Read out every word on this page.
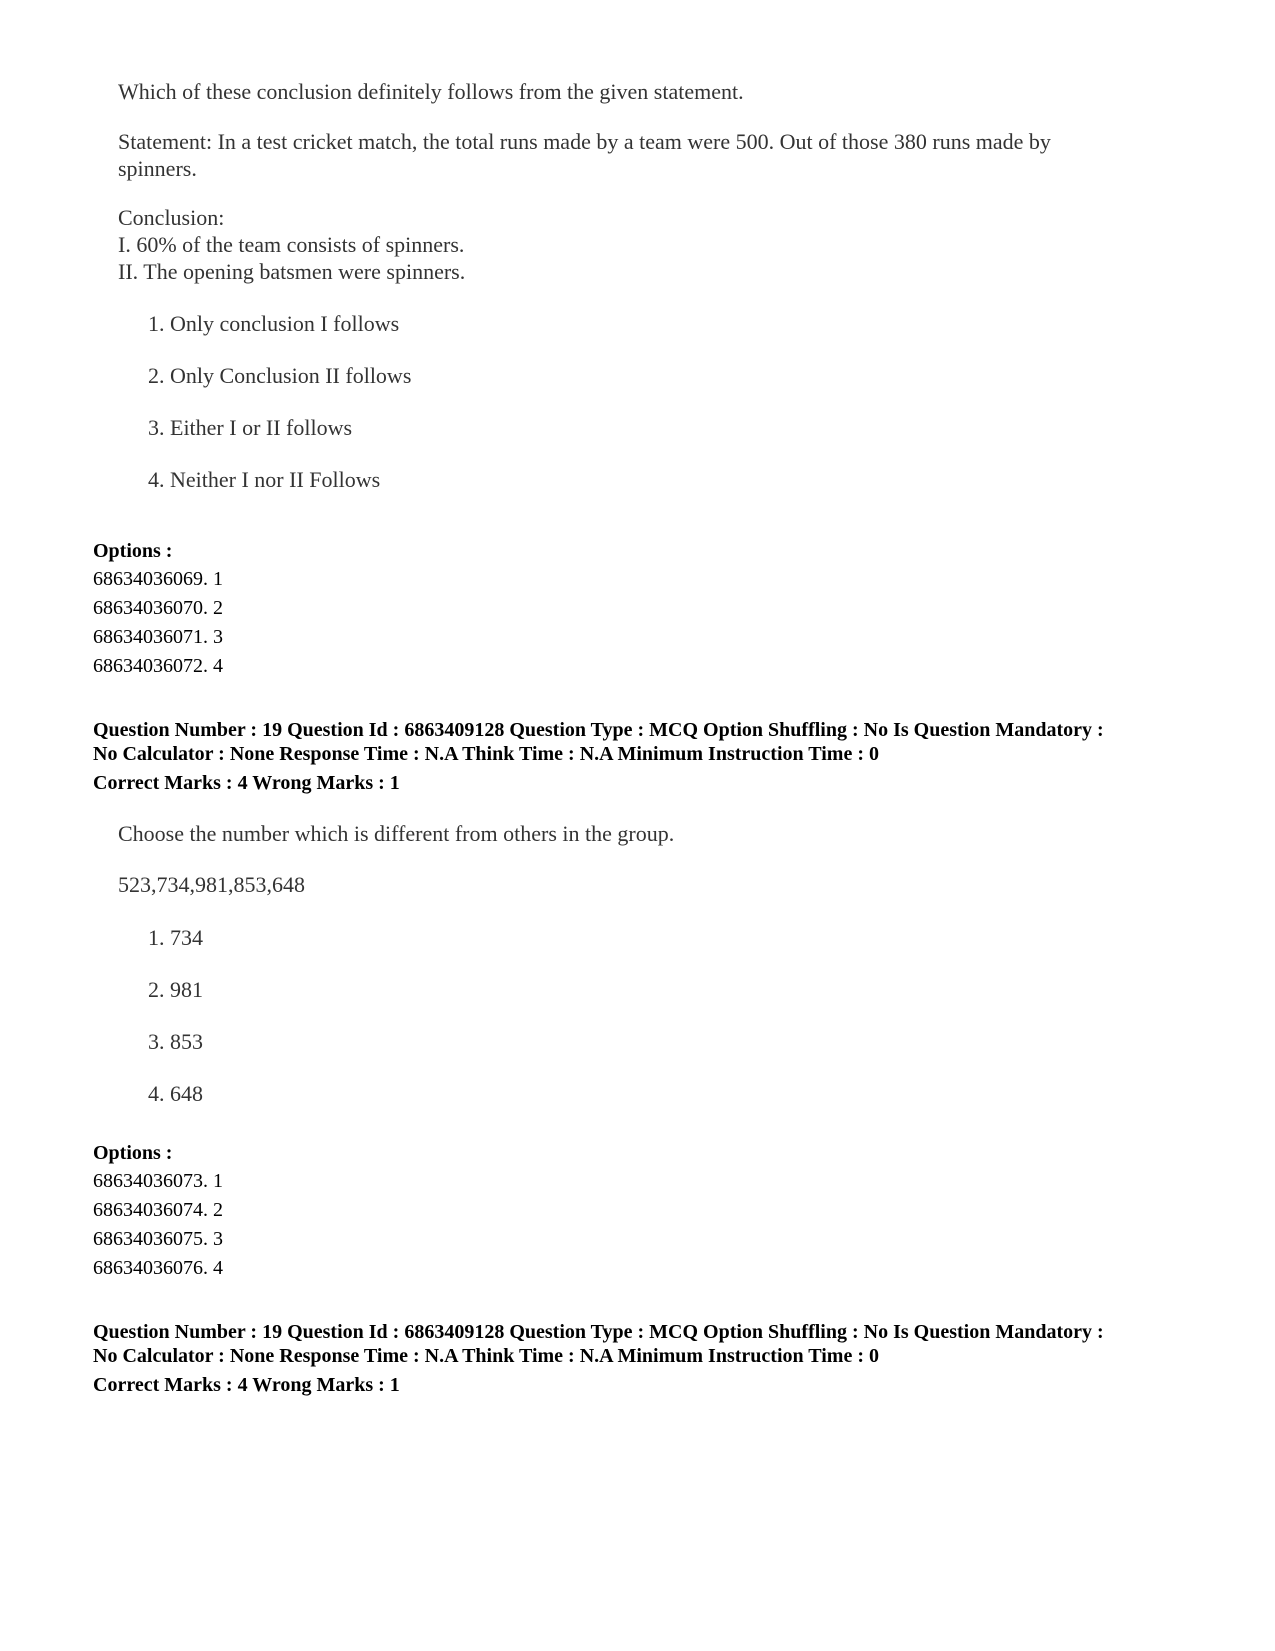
Which of these conclusion definitely follows from the given statement.

Statement: In a test cricket match, the total runs made by a team were 500. Out of those 380 runs made by

spinners.

Conclusion:

I. 60% of the team consists of spinners.

II. The opening batsmen were spinners.

1. Only conclusion I follows
2. Only Conclusion II follows
3. Either I or II follows
4. Neither I nor II Follows
Options :
68634036069. 1
68634036070. 2
68634036071. 3
68634036072. 4
Question Number : 19 Question Id : 6863409128 Question Type : MCQ Option Shuffling : No Is Question Mandatory :
No Calculator : None Response Time : N.A Think Time : N.A Minimum Instruction Time : 0
Correct Marks : 4 Wrong Marks : 1

Choose the number which is different from others in the group.

523,734,981,853,648

1. 734
2. 981
3. 853
4. 648
Options :
68634036073. 1
68634036074. 2
68634036075. 3
68634036076. 4
Question Number : 19 Question Id : 6863409128 Question Type : MCQ Option Shuffling : No Is Question Mandatory :
No Calculator : None Response Time : N.A Think Time : N.A Minimum Instruction Time : 0
Correct Marks : 4 Wrong Marks : 1
